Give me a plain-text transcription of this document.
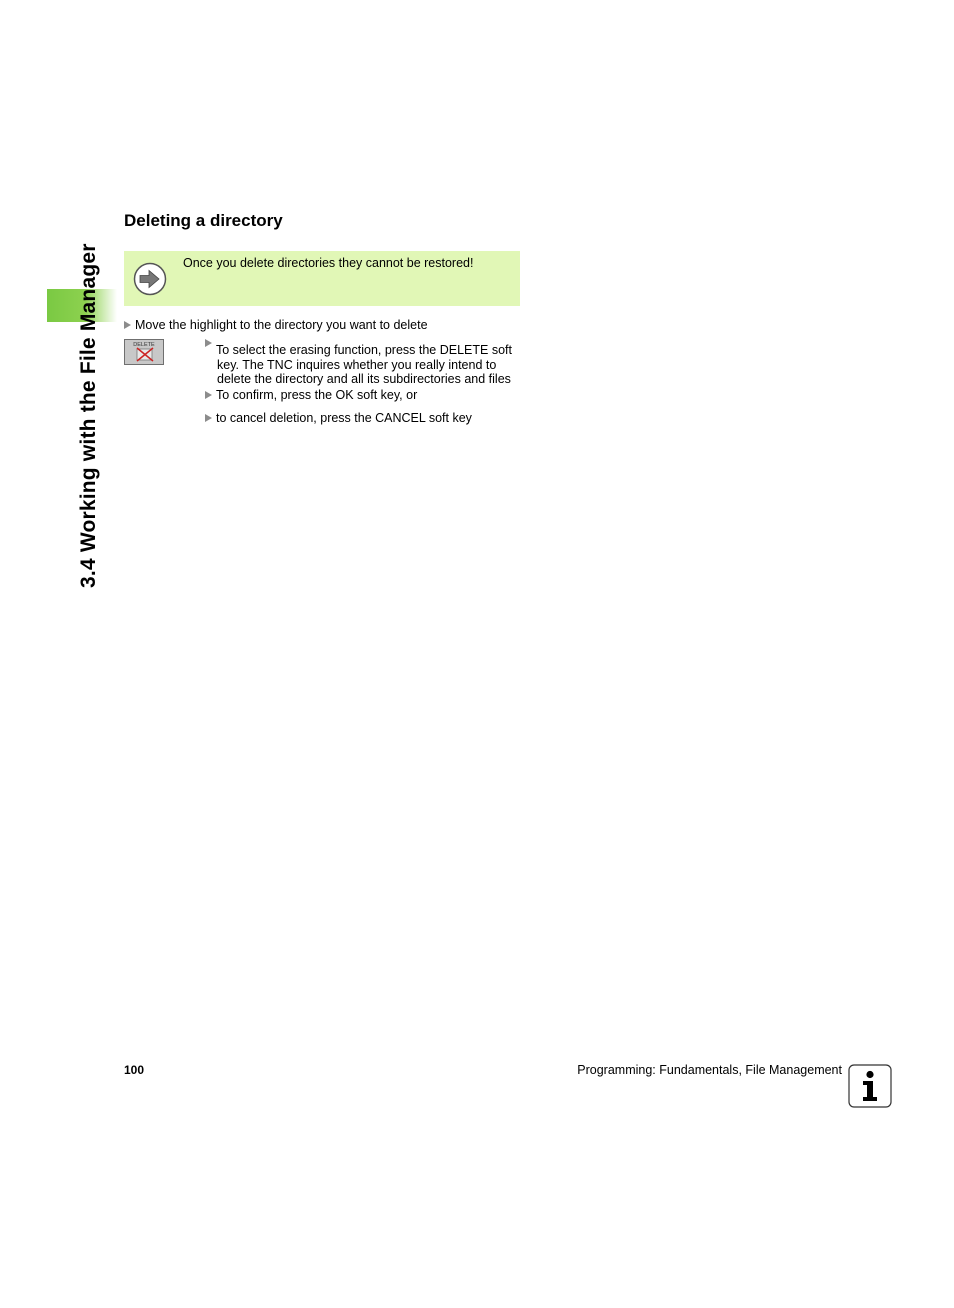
3.4 Working with the File Manager
Deleting a directory
Once you delete directories they cannot be restored!
Move the highlight to the directory you want to delete
DELETE	To select the erasing function, press the DELETE soft
key. The TNC inquires whether you really intend to
delete the directory and all its subdirectories and files
To confirm, press the OK soft key, or
to cancel deletion, press the CANCEL soft key
100	Programming: Fundamentals, File Management
